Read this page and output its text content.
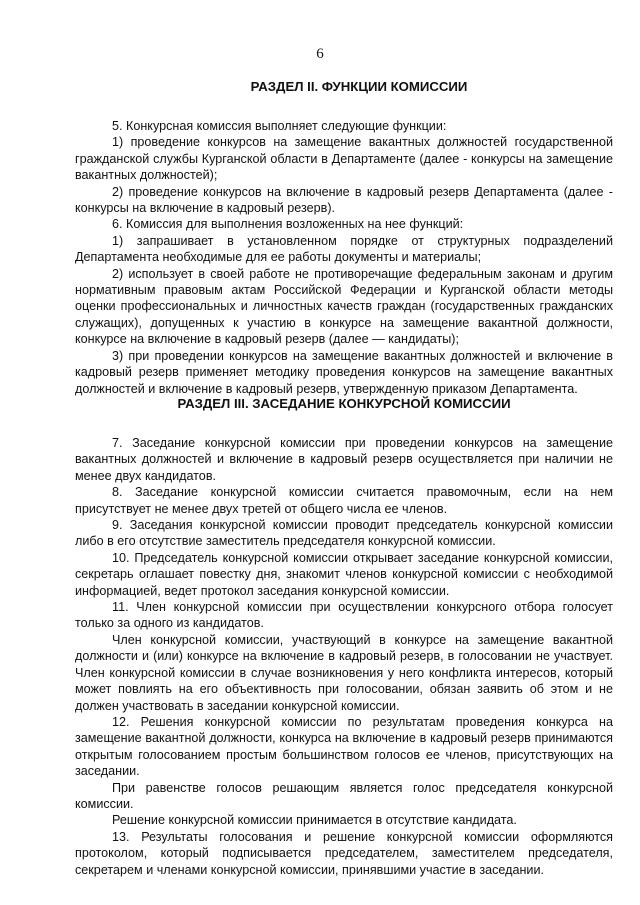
6
РАЗДЕЛ II. ФУНКЦИИ КОМИССИИ

5. Конкурсная комиссия выполняет следующие функции:

1) проведение конкурсов на замещение вакантных должностей государственной гражданской службы Курганской области в Департаменте (далее - конкурсы на замещение вакантных должностей);

2) проведение конкурсов на включение в кадровый резерв Департамента (далее - конкурсы на включение в кадровый резерв).

6. Комиссия для выполнения возложенных на нее функций:

1) запрашивает в установленном порядке от структурных подразделений Департамента необходимые для ее работы документы и материалы;

2) использует в своей работе не противоречащие федеральным законам и другим нормативным правовым актам Российской Федерации и Курганской области методы оценки профессиональных и личностных качеств граждан (государственных гражданских служащих), допущенных к участию в конкурсе на замещение вакантной должности, конкурсе на включение в кадровый резерв (далее — кандидаты);

3) при проведении конкурсов на замещение вакантных должностей и включение в кадровый резерв применяет методику проведения конкурсов на замещение вакантных должностей и включение в кадровый резерв, утвержденную приказом Департамента.

РАЗДЕЛ III. ЗАСЕДАНИЕ КОНКУРСНОЙ КОМИССИИ

7. Заседание конкурсной комиссии при проведении конкурсов на замещение вакантных должностей и включение в кадровый резерв осуществляется при наличии не менее двух кандидатов.

8. Заседание конкурсной комиссии считается правомочным, если на нем присутствует не менее двух третей от общего числа ее членов.

9. Заседания конкурсной комиссии проводит председатель конкурсной комиссии либо в его отсутствие заместитель председателя конкурсной комиссии.

10. Председатель конкурсной комиссии открывает заседание конкурсной комиссии, секретарь оглашает повестку дня, знакомит членов конкурсной комиссии с необходимой информацией, ведет протокол заседания конкурсной комиссии.

11. Член конкурсной комиссии при осуществлении конкурсного отбора голосует только за одного из кандидатов.

Член конкурсной комиссии, участвующий в конкурсе на замещение вакантной должности и (или) конкурсе на включение в кадровый резерв, в голосовании не участвует. Член конкурсной комиссии в случае возникновения у него конфликта интересов, который может повлиять на его объективность при голосовании, обязан заявить об этом и не должен участвовать в заседании конкурсной комиссии.

12. Решения конкурсной комиссии по результатам проведения конкурса на замещение вакантной должности, конкурса на включение в кадровый резерв принимаются открытым голосованием простым большинством голосов ее членов, присутствующих на заседании.

При равенстве голосов решающим является голос председателя конкурсной комиссии.

Решение конкурсной комиссии принимается в отсутствие кандидата.

13. Результаты голосования и решение конкурсной комиссии оформляются протоколом, который подписывается председателем, заместителем председателя, секретарем и членами конкурсной комиссии, принявшими участие в заседании.
